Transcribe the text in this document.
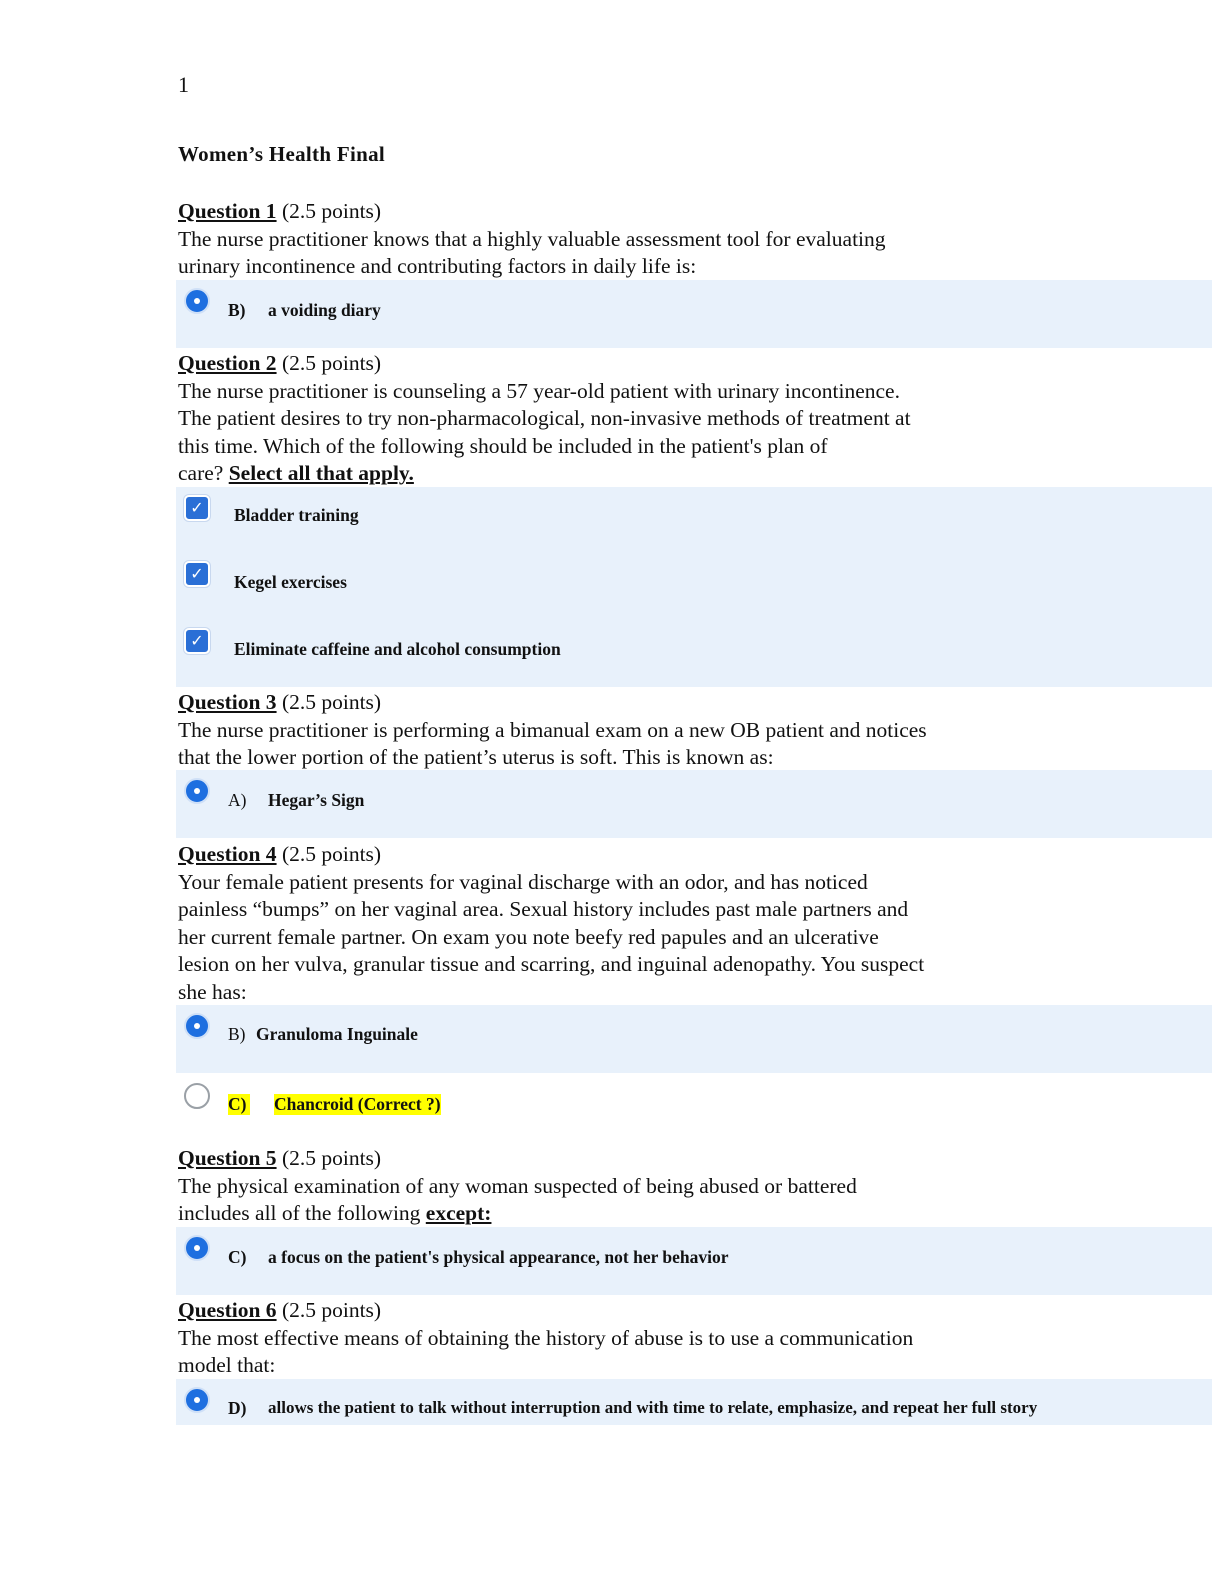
1
Women’s Health Final
Question 1 (2.5 points)
The nurse practitioner knows that a highly valuable assessment tool for evaluating
urinary incontinence and contributing factors in daily life is:
B)	a voiding diary
Question 2 (2.5 points)
The nurse practitioner is counseling a 57 year-old patient with urinary incontinence.
The patient desires to try non-pharmacological, non-invasive methods of treatment at
this time. Which of the following should be included in the patient's plan of
care? Select all that apply.
✓	Bladder training
✓	Kegel exercises
✓	Eliminate caffeine and alcohol consumption
Question 3 (2.5 points)
The nurse practitioner is performing a bimanual exam on a new OB patient and notices
that the lower portion of the patient’s uterus is soft. This is known as:
A)	Hegar’s Sign
Question 4 (2.5 points)
Your female patient presents for vaginal discharge with an odor, and has noticed
painless “bumps” on her vaginal area. Sexual history includes past male partners and
her current female partner. On exam you note beefy red papules and an ulcerative
lesion on her vulva, granular tissue and scarring, and inguinal adenopathy. You suspect
she has:
B) Granuloma Inguinale
C) Chancroid (Correct ?)
Question 5 (2.5 points)
The physical examination of any woman suspected of being abused or battered
includes all of the following except:
C)	a focus on the patient's physical appearance, not her behavior
Question 6 (2.5 points)
The most effective means of obtaining the history of abuse is to use a communication
model that:
D)	allows the patient to talk without interruption and with time to relate, emphasize, and repeat her full story
